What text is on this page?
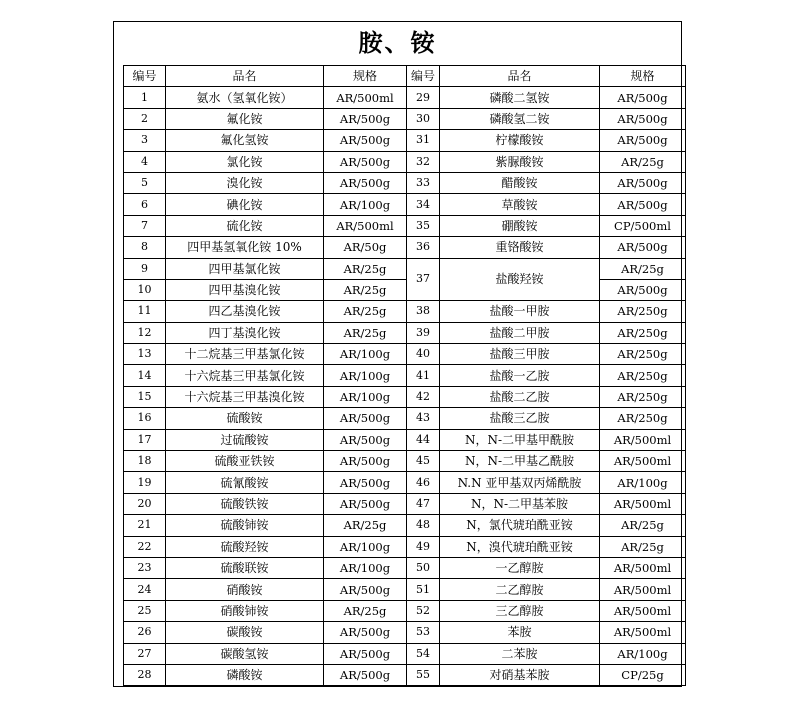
胺、铵
编号	品名	规格	编号	品名	规格
1	氨水（氢氧化铵）	AR/500ml	29	磷酸二氢铵	AR/500g
2	氟化铵	AR/500g	30	磷酸氢二铵	AR/500g
3	氟化氢铵	AR/500g	31	柠檬酸铵	AR/500g
4	氯化铵	AR/500g	32	紫脲酸铵	AR/25g
5	溴化铵	AR/500g	33	醋酸铵	AR/500g
6	碘化铵	AR/100g	34	草酸铵	AR/500g
7	硫化铵	AR/500ml	35	硼酸铵	CP/500ml
8	四甲基氢氧化铵 10%	AR/50g	36	重铬酸铵	AR/500g
9	四甲基氯化铵	AR/25g	37	盐酸羟铵	AR/25g
10	四甲基溴化铵	AR/25g			AR/500g
11	四乙基溴化铵	AR/25g	38	盐酸一甲胺	AR/250g
12	四丁基溴化铵	AR/25g	39	盐酸二甲胺	AR/250g
13	十二烷基三甲基氯化铵	AR/100g	40	盐酸三甲胺	AR/250g
14	十六烷基三甲基氯化铵	AR/100g	41	盐酸一乙胺	AR/250g
15	十六烷基三甲基溴化铵	AR/100g	42	盐酸二乙胺	AR/250g
16	硫酸铵	AR/500g	43	盐酸三乙胺	AR/250g
17	过硫酸铵	AR/500g	44	N，N-二甲基甲酰胺	AR/500ml
18	硫酸亚铁铵	AR/500g	45	N，N-二甲基乙酰胺	AR/500ml
19	硫氰酸铵	AR/500g	46	N.N 亚甲基双丙烯酰胺	AR/100g
20	硫酸铁铵	AR/500g	47	N，N-二甲基苯胺	AR/500ml
21	硫酸铈铵	AR/25g	48	N，氯代琥珀酰亚铵	AR/25g
22	硫酸羟铵	AR/100g	49	N，溴代琥珀酰亚铵	AR/25g
23	硫酸联铵	AR/100g	50	一乙醇胺	AR/500ml
24	硝酸铵	AR/500g	51	二乙醇胺	AR/500ml
25	硝酸铈铵	AR/25g	52	三乙醇胺	AR/500ml
26	碳酸铵	AR/500g	53	苯胺	AR/500ml
27	碳酸氢铵	AR/500g	54	二苯胺	AR/100g
28	磷酸铵	AR/500g	55	对硝基苯胺	CP/25g
